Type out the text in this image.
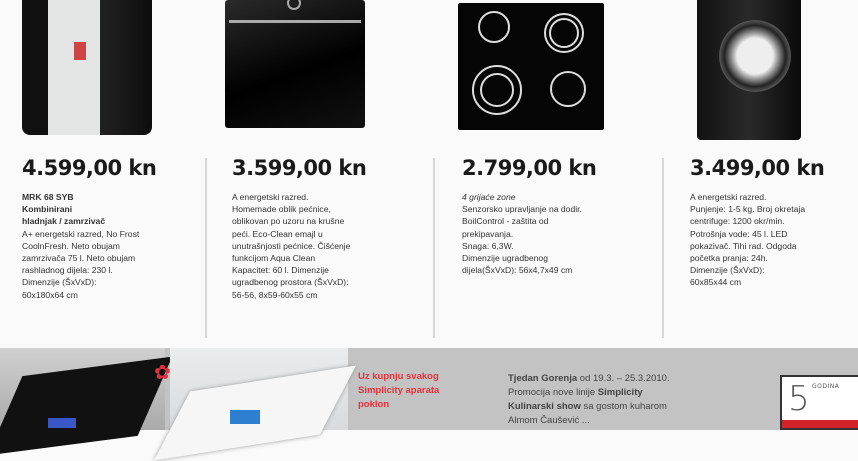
4.599,00 kn
MRK 68 SYB
Kombinirani
hladnjak / zamrzivač
A+ energetski razred, No Frost
CoolnFresh. Neto obujam
zamrzivača 75 l. Neto obujam
rashladnog dijela: 230 l.
Dimenzije (ŠxVxD):
60x180x64 cm
3.599,00 kn
A energetski razred.
Homemade oblik pećnice,
oblikovan po uzoru na krušne
peći. Eco-Clean emajl u
unutrašnjosti pećnice. Čišćenje
funkcijom Aqua Clean
Kapacitet: 60 l. Dimenzije
ugradbenog prostora (ŠxVxD):
56-56, 8x59-60x55 cm
2.799,00 kn
4 grijaće zone
Senzorsko upravljanje na dodir.
BoilControl - zaštita od
prekipavanja.
Snaga: 6,3W.
Dimenzije ugradbenog
dijela(ŠxVxD): 56x4,7x49 cm
3.499,00 kn
A energetski razred.
Punjenje: 1-5 kg. Broj okretaja
centrifuge: 1200 okr/min.
Potrošnja vode: 45 l. LED
pokazivač. Tihi rad. Odgoda
početka pranja: 24h.
Dimenzije (ŠxVxD):
60x85x44 cm
✿	Uz kupnju svakog
Simplicity aparata
poklon
Tjedan Gorenja od 19.3. – 25.3.2010.
Promocija nove linije Simplicity
Kulinarski show sa gostom kuharom
Almom Čaušević ...
5 GODINA
